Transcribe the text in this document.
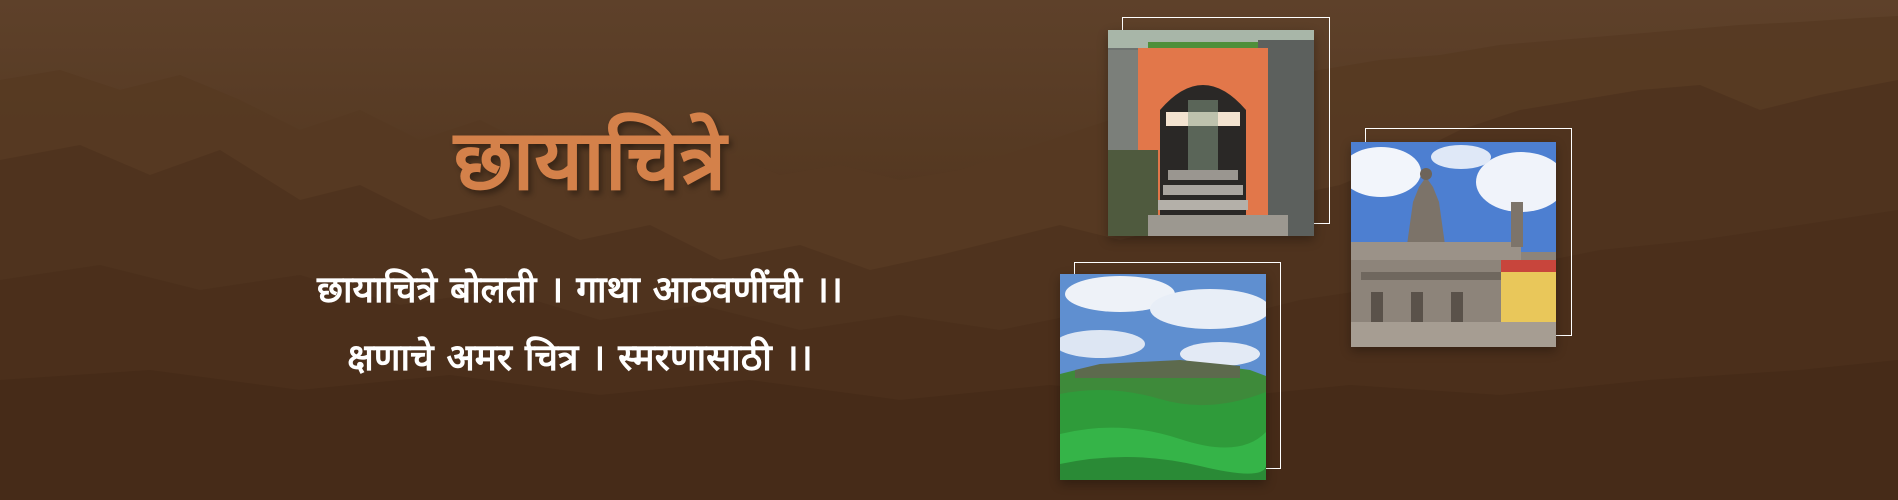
छायाचित्रे
छायाचित्रे बोलती । गाथा आठवणींची ।।
क्षणाचे अमर चित्र । स्मरणासाठी ।।
